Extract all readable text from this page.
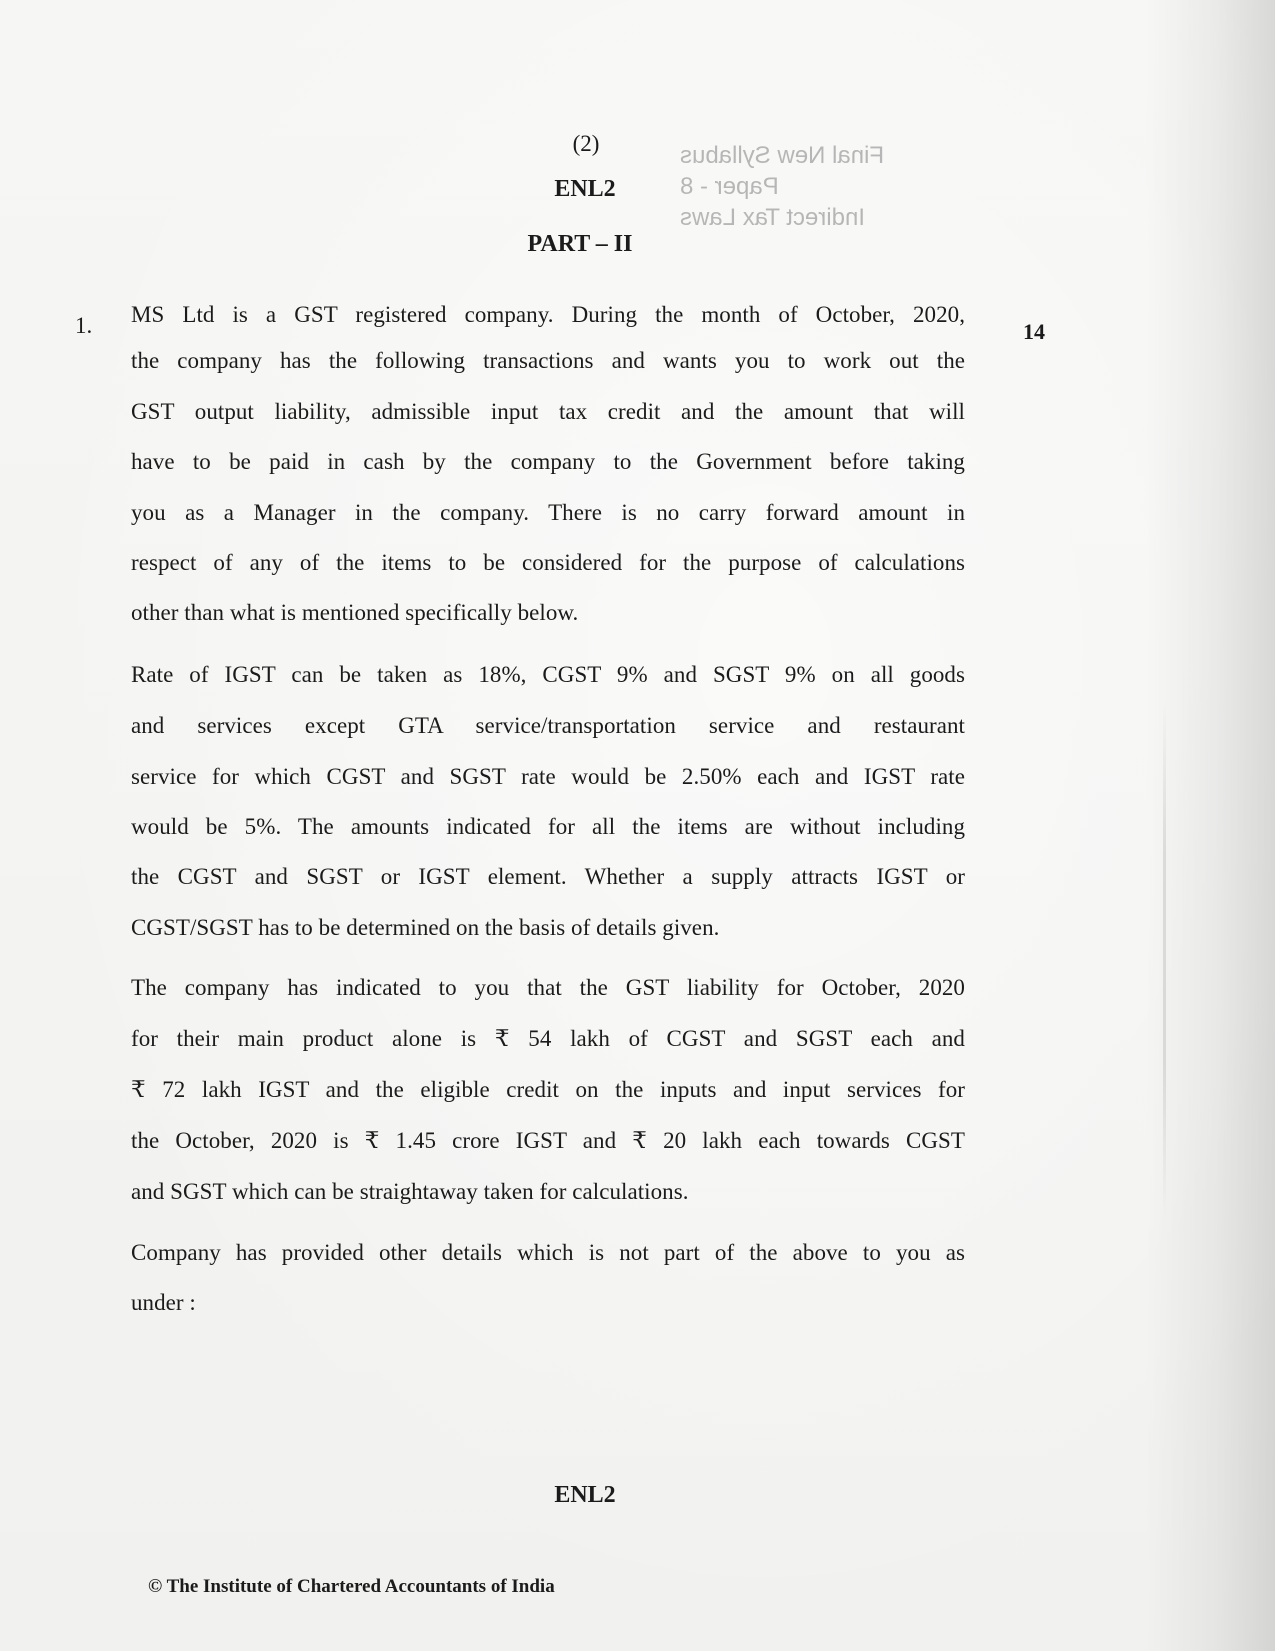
Final New Syllabus
Paper - 8
Indirect Tax Laws
(2)
ENL2
PART – II
1.	14
MS Ltd is a GST registered company. During the month of October, 2020,
the company has the following transactions and wants you to work out the
GST output liability, admissible input tax credit and the amount that will
have to be paid in cash by the company to the Government before taking
you as a Manager in the company. There is no carry forward amount in
respect of any of the items to be considered for the purpose of calculations
other than what is mentioned specifically below.
Rate of IGST can be taken as 18%, CGST 9% and SGST 9% on all goods
and services except GTA service/transportation service and restaurant
service for which CGST and SGST rate would be 2.50% each and IGST rate
would be 5%. The amounts indicated for all the items are without including
the CGST and SGST or IGST element. Whether a supply attracts IGST or
CGST/SGST has to be determined on the basis of details given.
The company has indicated to you that the GST liability for October, 2020
for their main product alone is ₹ 54 lakh of CGST and SGST each and
₹ 72 lakh IGST and the eligible credit on the inputs and input services for
the October, 2020 is ₹ 1.45 crore IGST and ₹ 20 lakh each towards CGST
and SGST which can be straightaway taken for calculations.
Company has provided other details which is not part of the above to you as
under :
ENL2
© The Institute of Chartered Accountants of India
